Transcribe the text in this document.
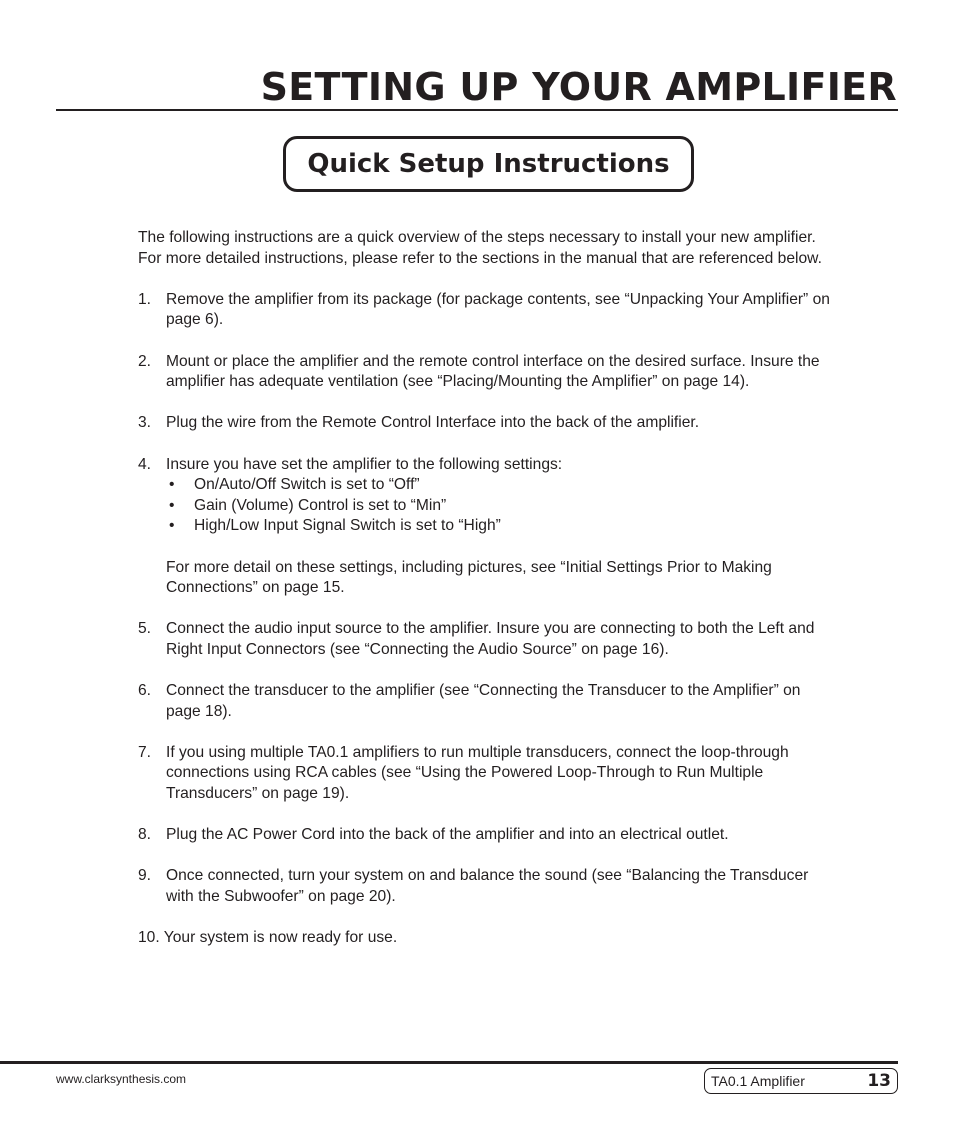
SETTING UP YOUR AMPLIFIER
Quick Setup Instructions

The following instructions are a quick overview of the steps necessary to install your new amplifier. For more detailed instructions, please refer to the sections in the manual that are referenced below.

1. Remove the amplifier from its package (for package contents, see “Unpacking Your Amplifier” on page 6).
2. Mount or place the amplifier and the remote control interface on the desired surface. Insure the amplifier has adequate ventilation (see “Placing/Mounting the Amplifier” on page 14).
3. Plug the wire from the Remote Control Interface into the back of the amplifier.
4. Insure you have set the amplifier to the following settings:
• On/Auto/Off Switch is set to “Off”
• Gain (Volume) Control is set to “Min”
• High/Low Input Signal Switch is set to “High”

For more detail on these settings, including pictures, see “Initial Settings Prior to Making Connections” on page 15.

5. Connect the audio input source to the amplifier. Insure you are connecting to both the Left and Right Input Connectors (see “Connecting the Audio Source” on page 16).
6. Connect the transducer to the amplifier (see “Connecting the Transducer to the Amplifier” on page 18).
7. If you using multiple TA0.1 amplifiers to run multiple transducers, connect the loop-through connections using RCA cables (see “Using the Powered Loop-Through to Run Multiple Transducers” on page 19).
8. Plug the AC Power Cord into the back of the amplifier and into an electrical outlet.
9. Once connected, turn your system on and balance the sound (see “Balancing the Transducer with the Subwoofer” on page 20).
10. Your system is now ready for use.
www.clarksynthesis.com	TA0.1 Amplifier	13
